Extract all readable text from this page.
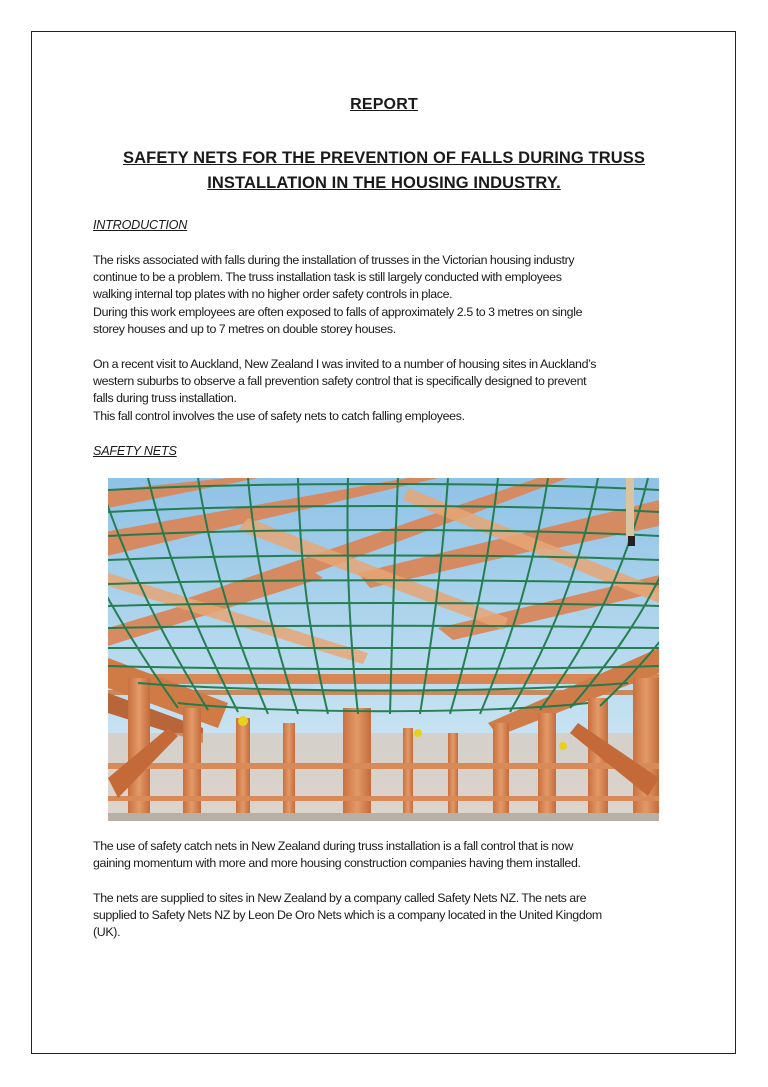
REPORT
SAFETY NETS FOR THE PREVENTION OF FALLS DURING TRUSS
INSTALLATION IN THE HOUSING INDUSTRY.
INTRODUCTION

The risks associated with falls during the installation of trusses in the Victorian housing industry
continue to be a problem. The truss installation task is still largely conducted with employees
walking internal top plates with no higher order safety controls in place.
During this work employees are often exposed to falls of approximately 2.5 to 3 metres on single
storey houses and up to 7 metres on double storey houses.

On a recent visit to Auckland, New Zealand I was invited to a number of housing sites in Auckland’s
western suburbs to observe a fall prevention safety control that is specifically designed to prevent
falls during truss installation.
This fall control involves the use of safety nets to catch falling employees.

SAFETY NETS

The use of safety catch nets in New Zealand during truss installation is a fall control that is now
gaining momentum with more and more housing construction companies having them installed.

The nets are supplied to sites in New Zealand by a company called Safety Nets NZ. The nets are
supplied to Safety Nets NZ by Leon De Oro Nets which is a company located in the United Kingdom
(UK).
